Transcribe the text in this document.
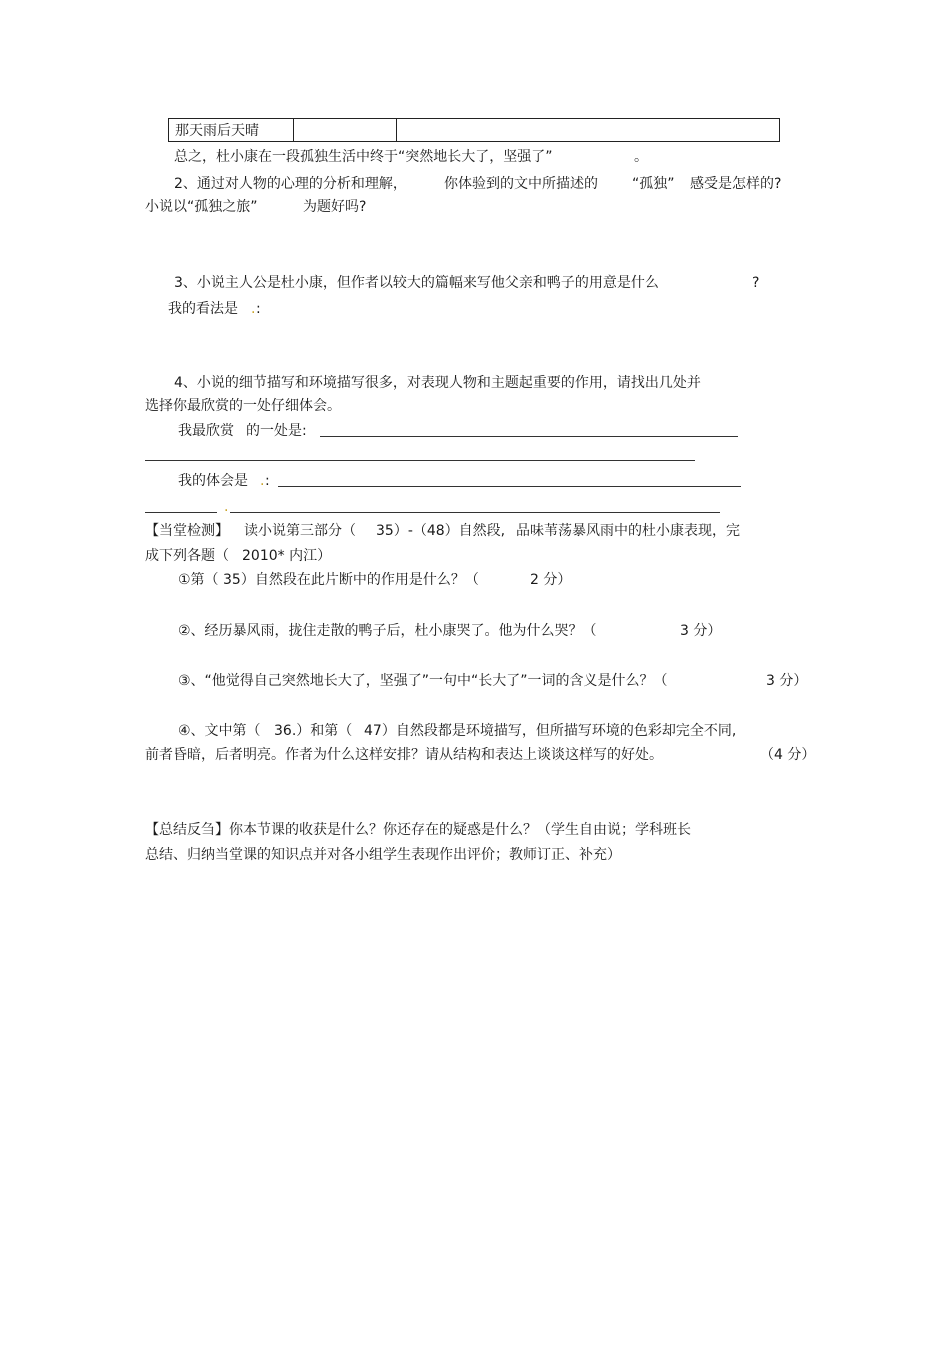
那天雨后天晴		
总之，杜小康在一段孤独生活中终于“突然地长大了，坚强了”	。
2、通过对人物的心理的分析和理解，	你体验到的文中所描述的 “孤独” 感受是怎样的?
小说以“孤独之旅”	为题好吗?
3、小说主人公是杜小康，但作者以较大的篇幅来写他父亲和鸭子的用意是什么	?
我的看法是 . :
4、小说的细节描写和环境描写很多，对表现人物和主题起重要的作用，请找出几处并
选择你最欣赏的一处仔细体会。
我最欣赏 的一处是:
我的体会是 . :
.
【当堂检测】 读小说第三部分（ 35）-（48）自然段, 品味苇荡暴风雨中的杜小康表现，完
成下列各题（ 2010* 内江）
①第（ 35）自然段在此片断中的作用是什么？（	2 分）
②、经历暴风雨，拢住走散的鸭子后，杜小康哭了。他为什么哭？（	3 分）
③、“他觉得自己突然地长大了，坚强了”一句中“长大了”一词的含义是什么？（	3 分）
④、文中第（ 36.）和第（ 47）自然段都是环境描写，但所描写环境的色彩却完全不同,
前者昏暗，后者明亮。作者为什么这样安排？请从结构和表达上谈谈这样写的好处。	（4 分）
【总结反刍】你本节课的收获是什么？你还存在的疑惑是什么？（学生自由说；学科班长
总结、归纳当堂课的知识点并对各小组学生表现作出评价；教师订正、补充）
